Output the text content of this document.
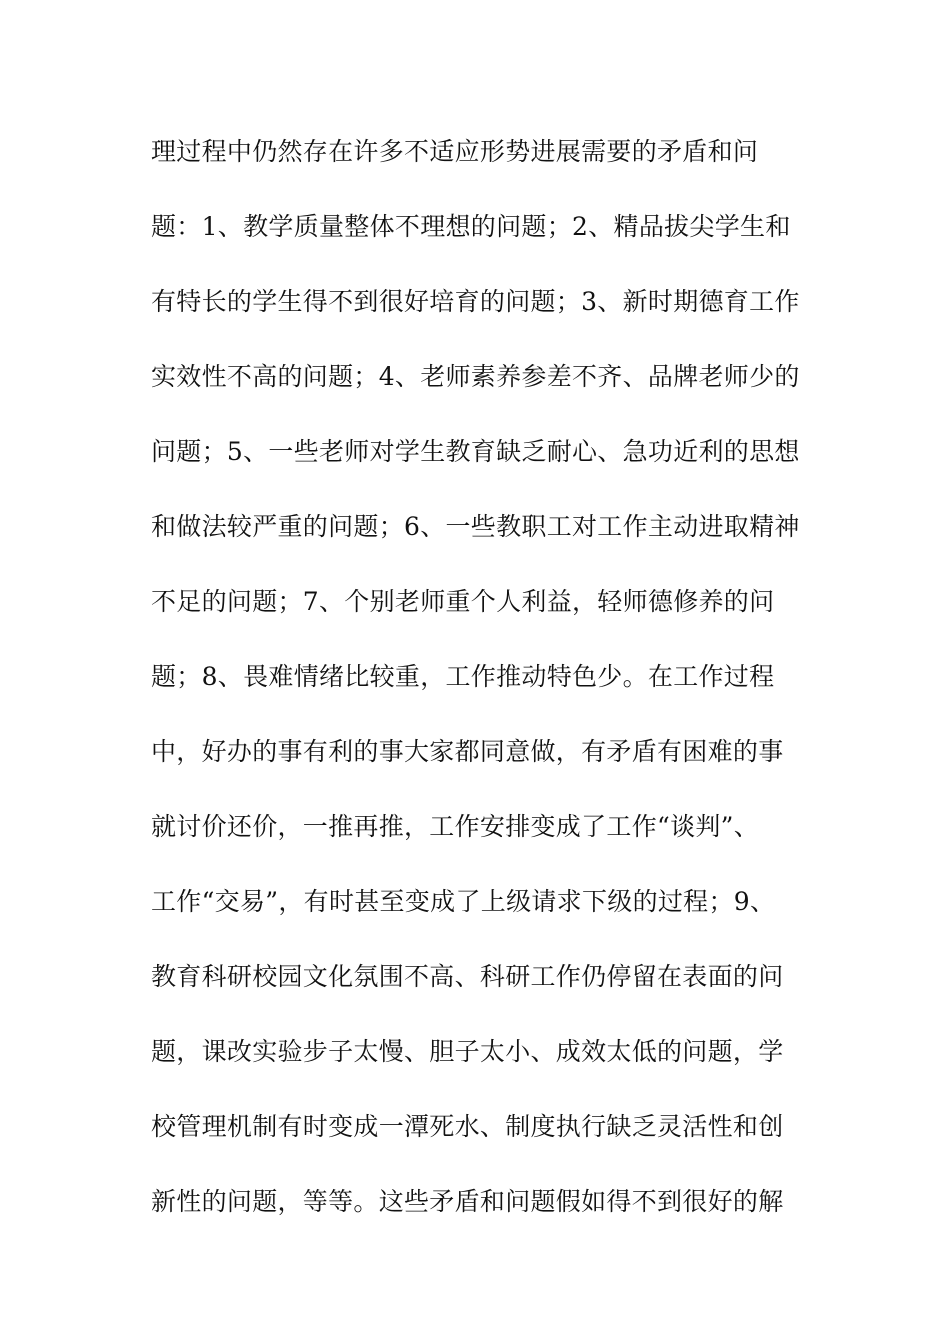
理过程中仍然存在许多不适应形势进展需要的矛盾和问
题：1、教学质量整体不理想的问题；2、精品拔尖学生和
有特长的学生得不到很好培育的问题；3、新时期德育工作
实效性不高的问题；4、老师素养参差不齐、品牌老师少的
问题；5、一些老师对学生教育缺乏耐心、急功近利的思想
和做法较严重的问题；6、一些教职工对工作主动进取精神
不足的问题；7、个别老师重个人利益，轻师德修养的问
题；8、畏难情绪比较重，工作推动特色少。在工作过程
中，好办的事有利的事大家都同意做，有矛盾有困难的事
就讨价还价，一推再推，工作安排变成了工作“谈判”、
工作“交易”，有时甚至变成了上级请求下级的过程；9、
教育科研校园文化氛围不高、科研工作仍停留在表面的问
题，课改实验步子太慢、胆子太小、成效太低的问题，学
校管理机制有时变成一潭死水、制度执行缺乏灵活性和创
新性的问题，等等。这些矛盾和问题假如得不到很好的解
